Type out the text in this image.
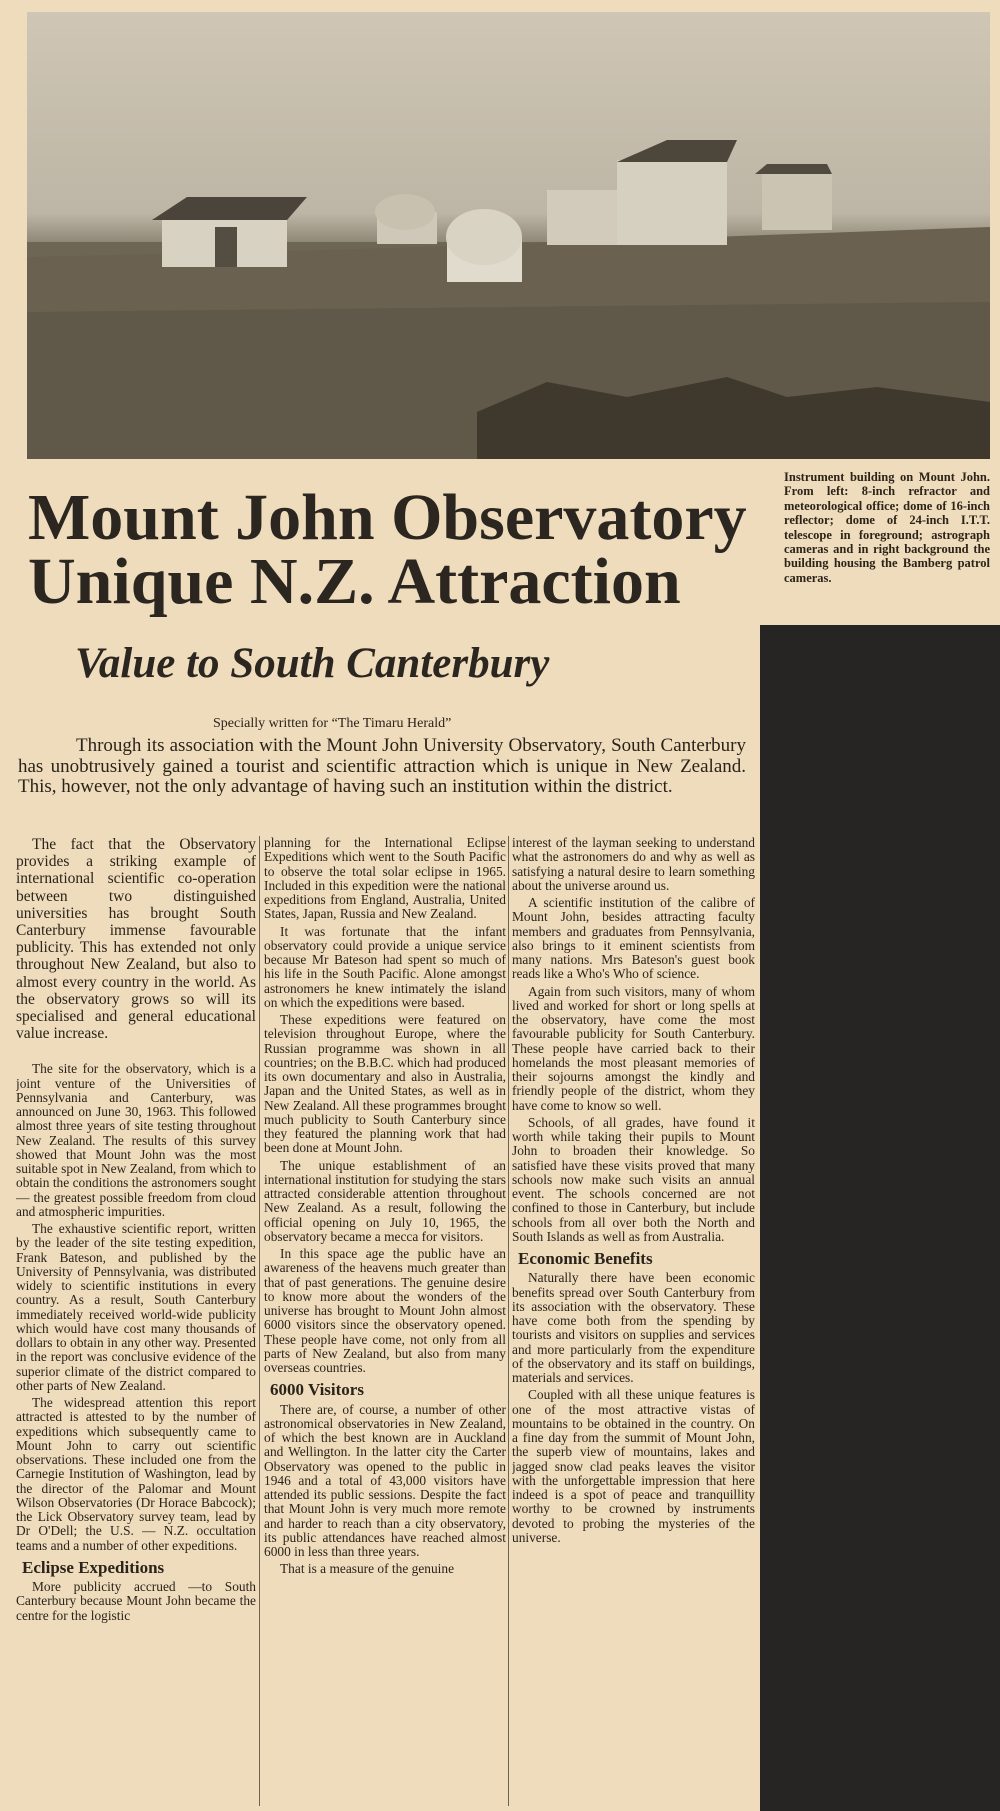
Instrument building on Mount John. From left: 8-inch refractor and meteorological office; dome of 16-inch reflector; dome of 24-inch I.T.T. telescope in foreground; astrograph cameras and in right background the building housing the Bamberg patrol cameras.
Mount John Observatory
Unique N.Z. Attraction
Value to South Canterbury
Specially written for “The Timaru Herald”
Through its association with the Mount John University Observatory, South Canterbury has unobtrusively gained a tourist and scientific attraction which is unique in New Zealand. This, however, not the only advantage of having such an institution within the district.

The fact that the Observatory provides a striking example of international scientific co-operation between two distinguished universities has brought South Canterbury immense favourable publicity. This has extended not only throughout New Zealand, but also to almost every country in the world. As the observatory grows so will its specialised and general educational value increase.

The site for the observatory, which is a joint venture of the Universities of Pennsylvania and Canterbury, was announced on June 30, 1963. This followed almost three years of site testing throughout New Zealand. The results of this survey showed that Mount John was the most suitable spot in New Zealand, from which to obtain the conditions the astronomers sought — the greatest possible freedom from cloud and atmospheric impurities.

The exhaustive scientific report, written by the leader of the site testing expedition, Frank Bateson, and published by the University of Pennsylvania, was distributed widely to scientific institutions in every country. As a result, South Canterbury immediately received world-wide publicity which would have cost many thousands of dollars to obtain in any other way. Presented in the report was conclusive evidence of the superior climate of the district compared to other parts of New Zealand.

The widespread attention this report attracted is attested to by the number of expeditions which subsequently came to Mount John to carry out scientific observations. These included one from the Carnegie Institution of Washington, lead by the director of the Palomar and Mount Wilson Observatories (Dr Horace Babcock); the Lick Observatory survey team, lead by Dr O'Dell; the U.S. — N.Z. occultation teams and a number of other expeditions.

Eclipse Expeditions

More publicity accrued —to South Canterbury because Mount John became the centre for the logistic

planning for the International Eclipse Expeditions which went to the South Pacific to observe the total solar eclipse in 1965. Included in this expedition were the national expeditions from England, Australia, United States, Japan, Russia and New Zealand.

It was fortunate that the infant observatory could provide a unique service because Mr Bateson had spent so much of his life in the South Pacific. Alone amongst astronomers he knew intimately the island on which the expeditions were based.

These expeditions were featured on television throughout Europe, where the Russian programme was shown in all countries; on the B.B.C. which had produced its own documentary and also in Australia, Japan and the United States, as well as in New Zealand. All these programmes brought much publicity to South Canterbury since they featured the planning work that had been done at Mount John.

The unique establishment of an international institution for studying the stars attracted considerable attention throughout New Zealand. As a result, following the official opening on July 10, 1965, the observatory became a mecca for visitors.

In this space age the public have an awareness of the heavens much greater than that of past generations. The genuine desire to know more about the wonders of the universe has brought to Mount John almost 6000 visitors since the observatory opened. These people have come, not only from all parts of New Zealand, but also from many overseas countries.

6000 Visitors

There are, of course, a number of other astronomical observatories in New Zealand, of which the best known are in Auckland and Wellington. In the latter city the Carter Observatory was opened to the public in 1946 and a total of 43,000 visitors have attended its public sessions. Despite the fact that Mount John is very much more remote and harder to reach than a city observatory, its public attendances have reached almost 6000 in less than three years.

That is a measure of the genuine

interest of the layman seeking to understand what the astronomers do and why as well as satisfying a natural desire to learn something about the universe around us.

A scientific institution of the calibre of Mount John, besides attracting faculty members and graduates from Pennsylvania, also brings to it eminent scientists from many nations. Mrs Bateson's guest book reads like a Who's Who of science.

Again from such visitors, many of whom lived and worked for short or long spells at the observatory, have come the most favourable publicity for South Canterbury. These people have carried back to their homelands the most pleasant memories of their sojourns amongst the kindly and friendly people of the district, whom they have come to know so well.

Schools, of all grades, have found it worth while taking their pupils to Mount John to broaden their knowledge. So satisfied have these visits proved that many schools now make such visits an annual event. The schools concerned are not confined to those in Canterbury, but include schools from all over both the North and South Islands as well as from Australia.

Economic Benefits

Naturally there have been economic benefits spread over South Canterbury from its association with the observatory. These have come both from the spending by tourists and visitors on supplies and services and more particularly from the expenditure of the observatory and its staff on buildings, materials and services.

Coupled with all these unique features is one of the most attractive vistas of mountains to be obtained in the country. On a fine day from the summit of Mount John, the superb view of mountains, lakes and jagged snow clad peaks leaves the visitor with the unforgettable impression that here indeed is a spot of peace and tranquillity worthy to be crowned by instruments devoted to probing the mysteries of the universe.
